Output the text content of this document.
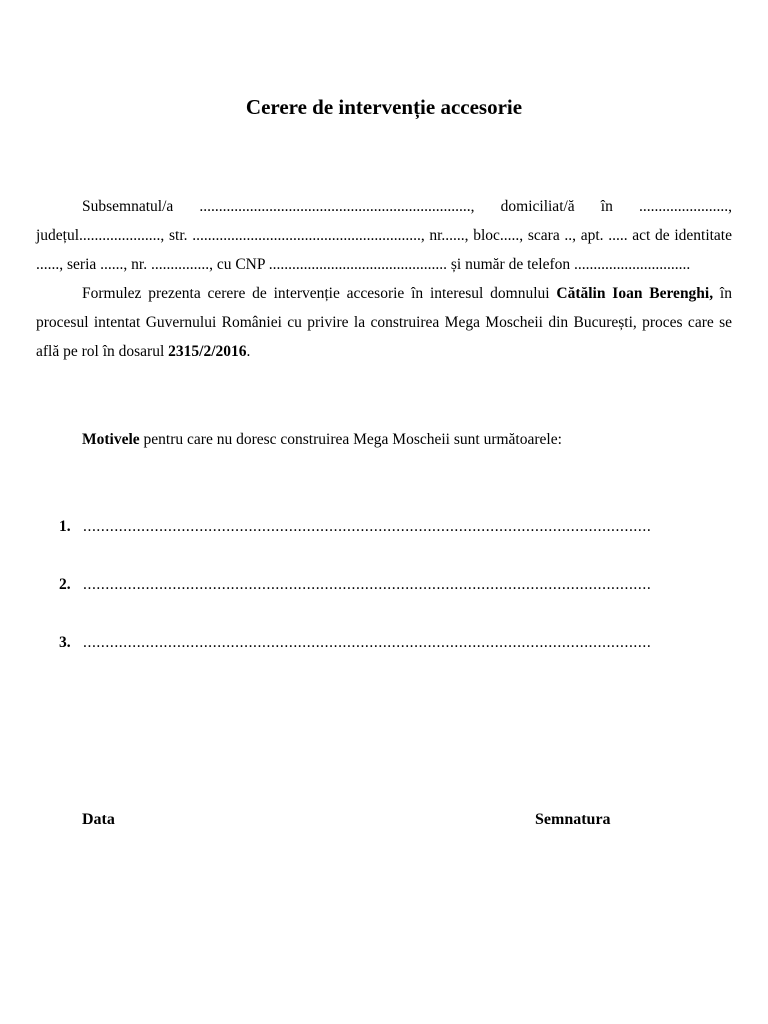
Cerere de intervenție accesorie

Subsemnatul/a ......................................................................, domiciliat/ă în ......................., județul....................., str. ..........................................................., nr......, bloc....., scara .., apt. ..... act de identitate ......, seria ......, nr. ..............., cu CNP .............................................. și număr de telefon ..............................

Formulez prezenta cerere de intervenție accesorie în interesul domnului Cătălin Ioan Berenghi, în procesul intentat Guvernului României cu privire la construirea Mega Moscheii din București, proces care se află pe rol în dosarul 2315/2/2016.

Motivele pentru care nu doresc construirea Mega Moscheii sunt următoarele:
1. ...............................................................................................................................
2. ...............................................................................................................................
3. ...............................................................................................................................
Data	Semnatura
